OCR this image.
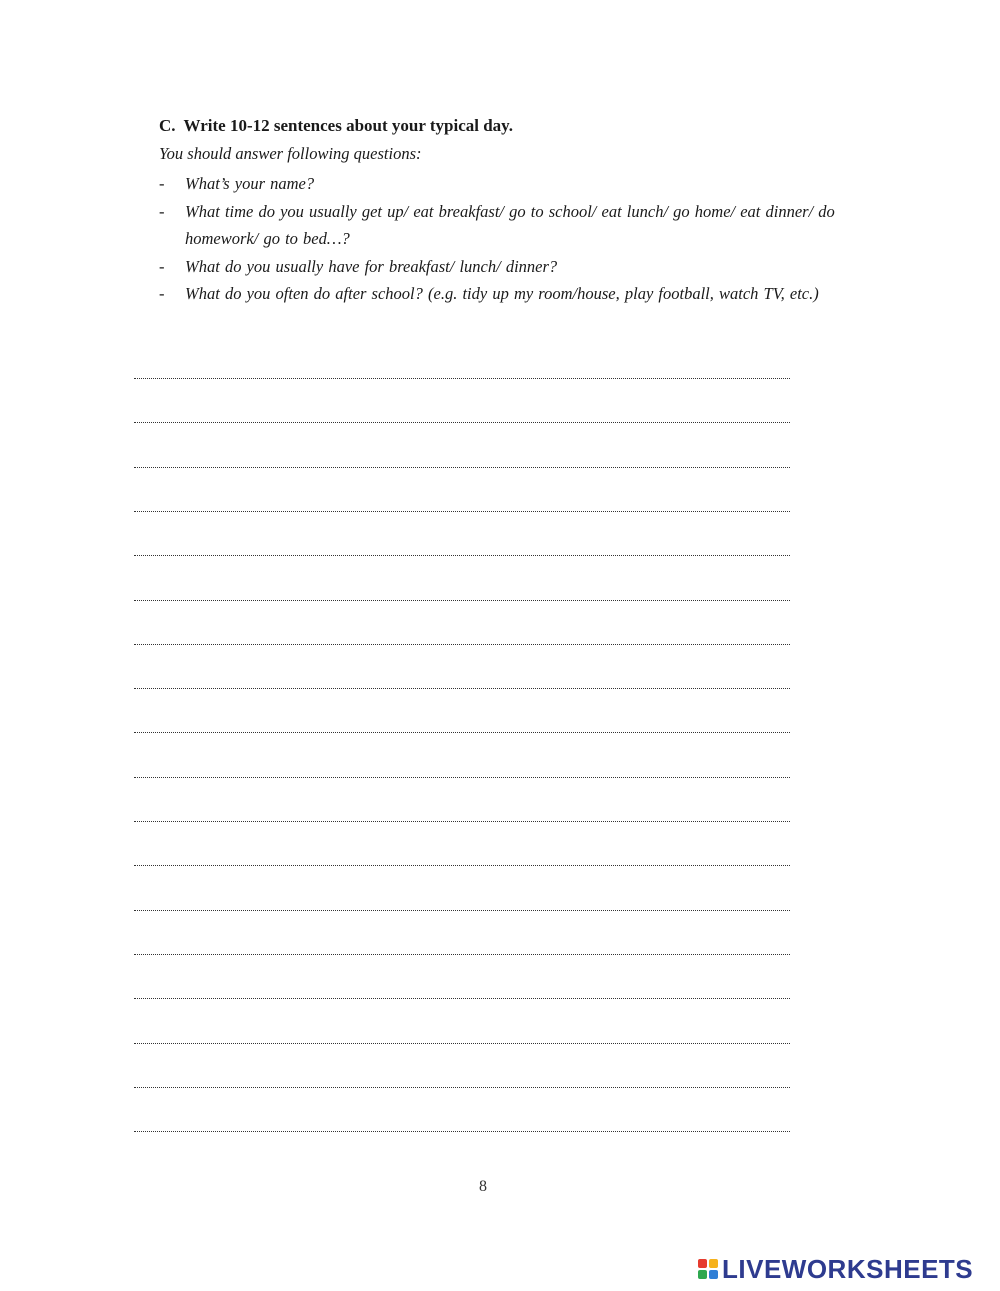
C. Write 10-12 sentences about your typical day.
You should answer following questions:
-	What’s your name?
-	What time do you usually get up/ eat breakfast/ go to school/ eat lunch/ go home/ eat dinner/ do homework/ go to bed…?
-	What do you usually have for breakfast/ lunch/ dinner?
-	What do you often do after school? (e.g. tidy up my room/house, play football, watch TV, etc.)
8
LIVEWORKSHEETS
